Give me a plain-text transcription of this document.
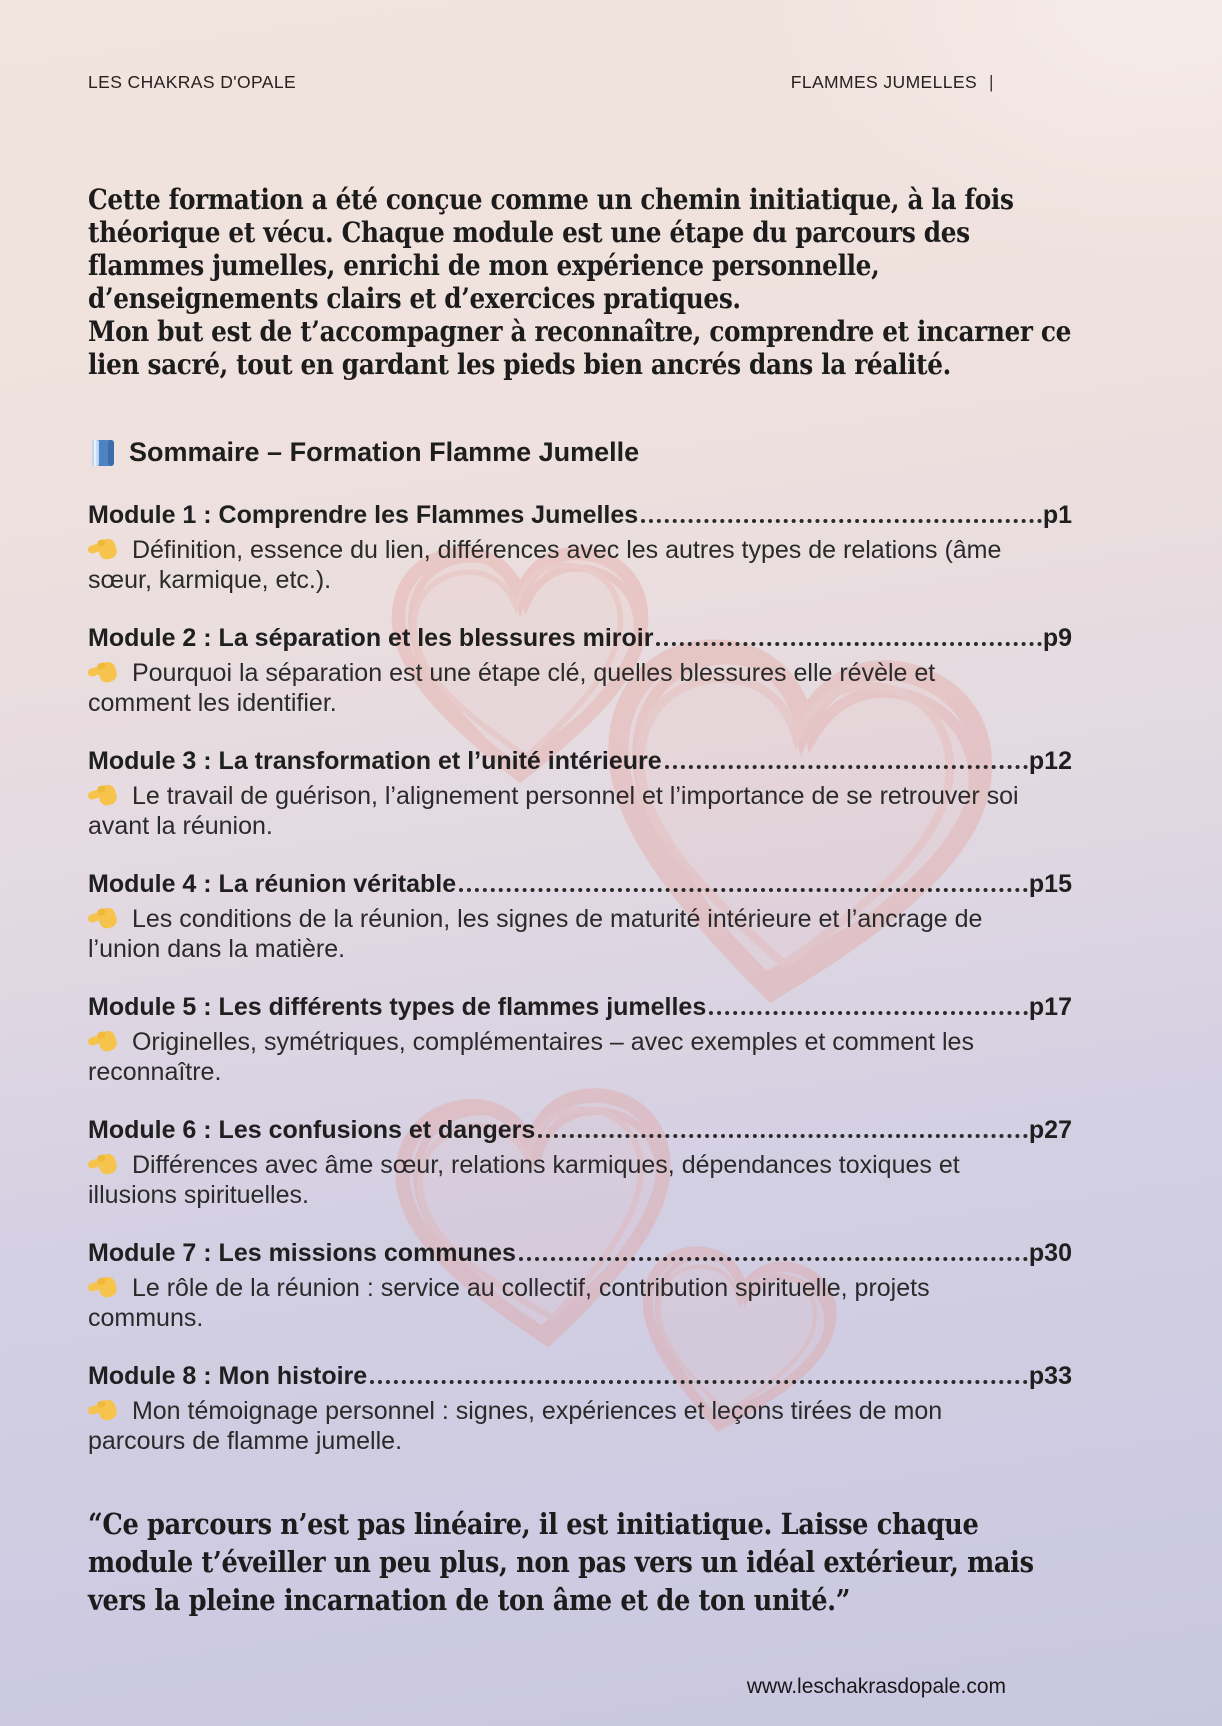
LES CHAKRAS D'OPALE	FLAMMES JUMELLES |

Cette formation a été conçue comme un chemin initiatique, à la fois théorique et vécu. Chaque module est une étape du parcours des flammes jumelles, enrichi de mon expérience personnelle, d’enseignements clairs et d’exercices pratiques.

Mon but est de t’accompagner à reconnaître, comprendre et incarner ce lien sacré, tout en gardant les pieds bien ancrés dans la réalité.

Sommaire – Formation Flamme Jumelle
Module 1 : Comprendre les Flammes Jumelles	p1
Définition, essence du lien, différences avec les autres types de relations (âme sœur, karmique, etc.).
Module 2 : La séparation et les blessures miroir	p9
Pourquoi la séparation est une étape clé, quelles blessures elle révèle et comment les identifier.
Module 3 : La transformation et l’unité intérieure	p12
Le travail de guérison, l’alignement personnel et l’importance de se retrouver soi avant la réunion.
Module 4 : La réunion véritable	p15
Les conditions de la réunion, les signes de maturité intérieure et l’ancrage de l’union dans la matière.
Module 5 : Les différents types de flammes jumelles	p17
Originelles, symétriques, complémentaires – avec exemples et comment les reconnaître.
Module 6 : Les confusions et dangers	p27
Différences avec âme sœur, relations karmiques, dépendances toxiques et illusions spirituelles.
Module 7 : Les missions communes	p30
Le rôle de la réunion : service au collectif, contribution spirituelle, projets communs.
Module 8 : Mon histoire	p33
Mon témoignage personnel : signes, expériences et leçons tirées de mon parcours de flamme jumelle.
“Ce parcours n’est pas linéaire, il est initiatique. Laisse chaque module t’éveiller un peu plus, non pas vers un idéal extérieur, mais vers la pleine incarnation de ton âme et de ton unité.”
www.leschakrasdopale.com
